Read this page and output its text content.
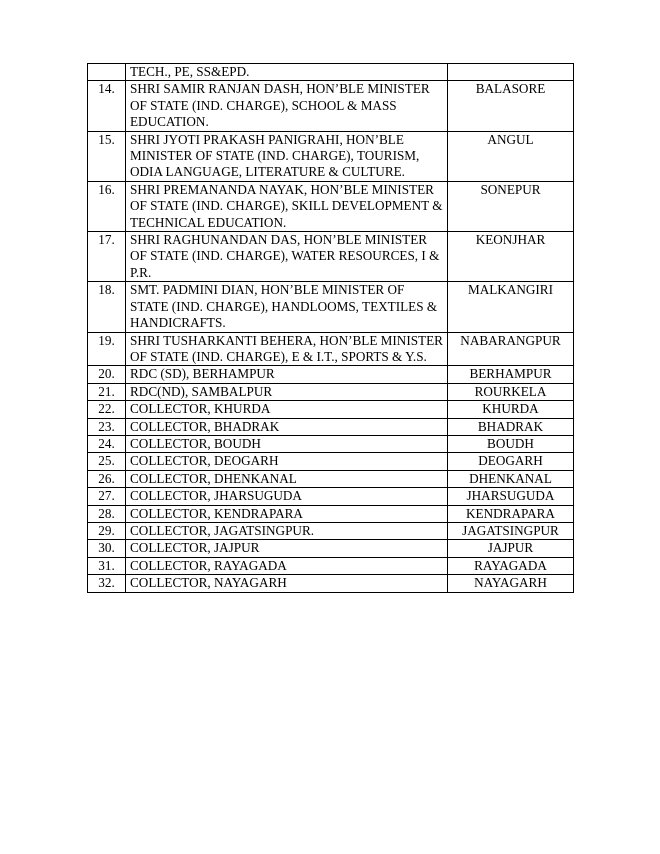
	TECH., PE, SS&EPD.	
14.	SHRI SAMIR RANJAN DASH, HON’BLE MINISTER OF STATE (IND. CHARGE), SCHOOL & MASS EDUCATION.	BALASORE
15.	SHRI JYOTI PRAKASH PANIGRAHI, HON’BLE MINISTER OF STATE (IND. CHARGE), TOURISM, ODIA LANGUAGE, LITERATURE & CULTURE.	ANGUL
16.	SHRI PREMANANDA NAYAK, HON’BLE MINISTER OF STATE (IND. CHARGE), SKILL DEVELOPMENT & TECHNICAL EDUCATION.	SONEPUR
17.	SHRI RAGHUNANDAN DAS, HON’BLE MINISTER OF STATE (IND. CHARGE), WATER RESOURCES, I & P.R.	KEONJHAR
18.	SMT. PADMINI DIAN, HON’BLE MINISTER OF STATE (IND. CHARGE), HANDLOOMS, TEXTILES & HANDICRAFTS.	MALKANGIRI
19.	SHRI TUSHARKANTI BEHERA, HON’BLE MINISTER OF STATE (IND. CHARGE), E & I.T., SPORTS & Y.S.	NABARANGPUR
20.	RDC (SD), BERHAMPUR	BERHAMPUR
21.	RDC(ND), SAMBALPUR	ROURKELA
22.	COLLECTOR, KHURDA	KHURDA
23.	COLLECTOR, BHADRAK	BHADRAK
24.	COLLECTOR, BOUDH	BOUDH
25.	COLLECTOR, DEOGARH	DEOGARH
26.	COLLECTOR, DHENKANAL	DHENKANAL
27.	COLLECTOR, JHARSUGUDA	JHARSUGUDA
28.	COLLECTOR, KENDRAPARA	KENDRAPARA
29.	COLLECTOR, JAGATSINGPUR.	JAGATSINGPUR
30.	COLLECTOR, JAJPUR	JAJPUR
31.	COLLECTOR, RAYAGADA	RAYAGADA
32.	COLLECTOR, NAYAGARH	NAYAGARH
